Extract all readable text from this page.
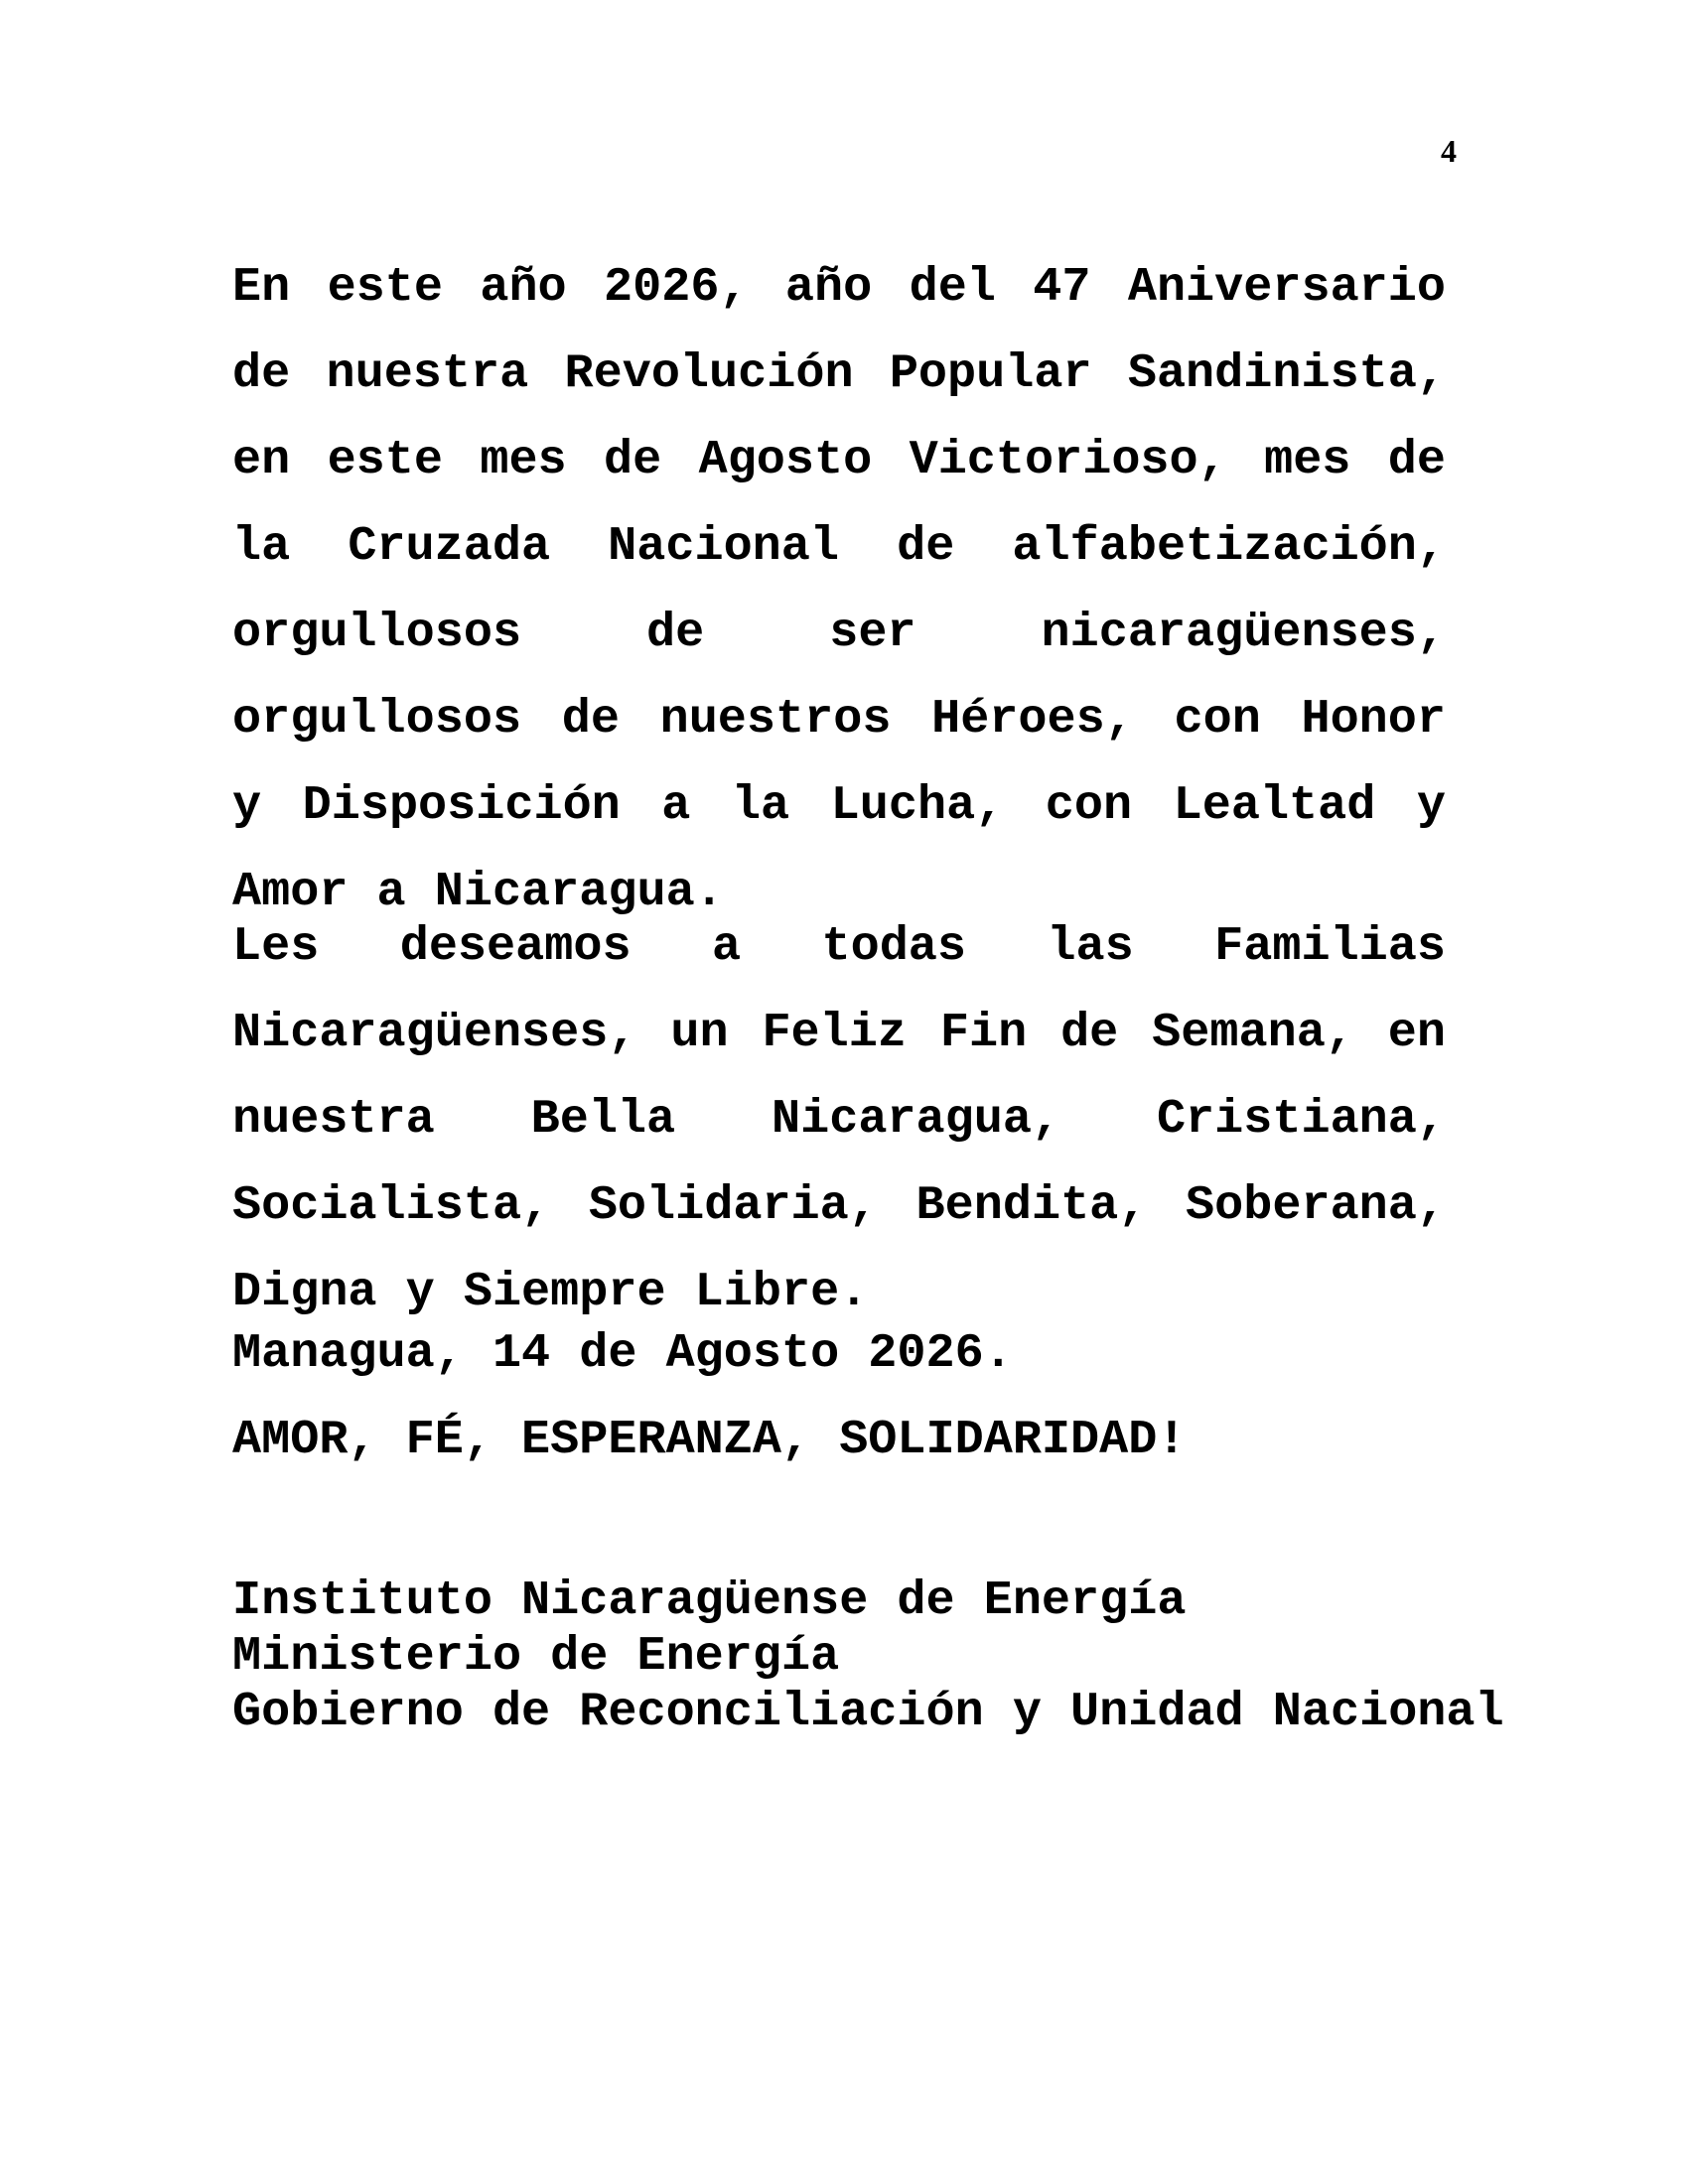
4

En este año 2026, año del 47 Aniversario de nuestra Revolución Popular Sandinista, en este mes de Agosto Victorioso, mes de la Cruzada Nacional de alfabetización, orgullosos de ser nicaragüenses, orgullosos de nuestros Héroes, con Honor y Disposición a la Lucha, con Lealtad y Amor a Nicaragua.

Les deseamos a todas las Familias Nicaragüenses, un Feliz Fin de Semana, en nuestra Bella Nicaragua, Cristiana, Socialista, Solidaria, Bendita, Soberana, Digna y Siempre Libre.

Managua, 14 de Agosto 2026.
AMOR, FÉ, ESPERANZA, SOLIDARIDAD!
Instituto Nicaragüense de Energía
Ministerio de Energía
Gobierno de Reconciliación y Unidad Nacional
